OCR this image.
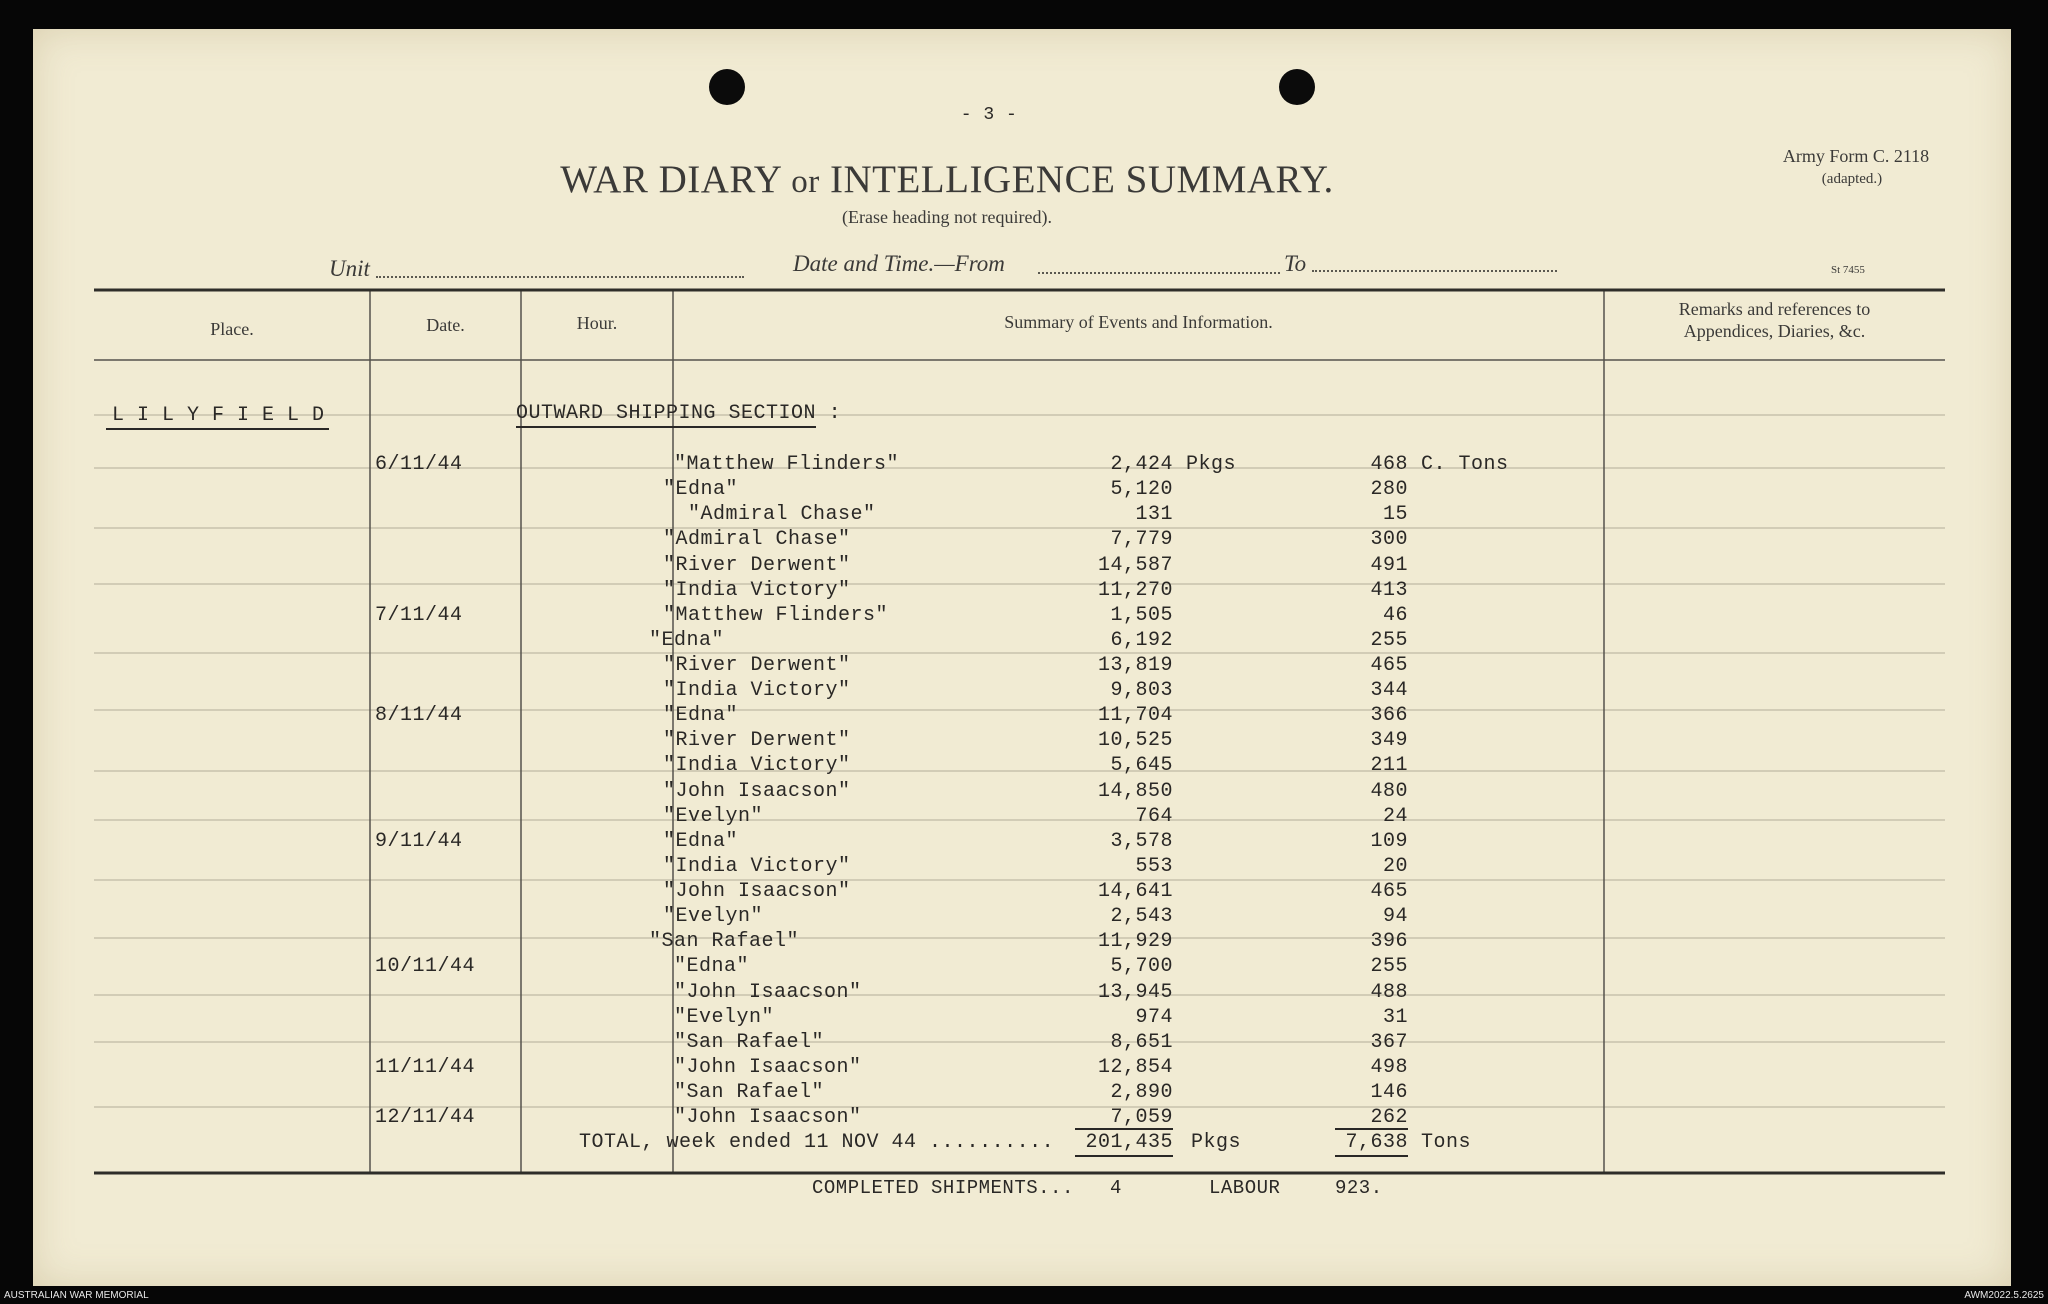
- 3 -
WAR DIARY or INTELLIGENCE SUMMARY.
(Erase heading not required).
Army Form C. 2118
(adapted.)
St 7455
Unit	Date and Time.—From	To
Place.	Date.	Hour.	Summary of Events and Information.
Remarks and references to
Appendices, Diaries, &c.
L I L Y F I E L D	OUTWARD SHIPPING SECTION :
6/11/44	"Matthew Flinders"	2,424 Pkgs	468 C. Tons
"Edna"	5,120	280
"Admiral Chase"	131	15
"Admiral Chase"	7,779	300
"River Derwent"	14,587	491
"India Victory"	11,270	413
7/11/44	"Matthew Flinders"	1,505	46
"Edna"	6,192	255
"River Derwent"	13,819	465
"India Victory"	9,803	344
8/11/44	"Edna"	11,704	366
"River Derwent"	10,525	349
"India Victory"	5,645	211
"John Isaacson"	14,850	480
"Evelyn"	764	24
9/11/44	"Edna"	3,578	109
"India Victory"	553	20
"John Isaacson"	14,641	465
"Evelyn"	2,543	94
"San Rafael"	11,929	396
10/11/44	"Edna"	5,700	255
"John Isaacson"	13,945	488
"Evelyn"	974	31
"San Rafael"	8,651	367
11/11/44	"John Isaacson"	12,854	498
"San Rafael"	2,890	146
12/11/44	"John Isaacson"	7,059	262
TOTAL, week ended 11 NOV 44 ..........	201,435 Pkgs	7,638 Tons
COMPLETED SHIPMENTS... 4	LABOUR	923.
AUSTRALIAN WAR MEMORIAL	AWM2022.5.2625
